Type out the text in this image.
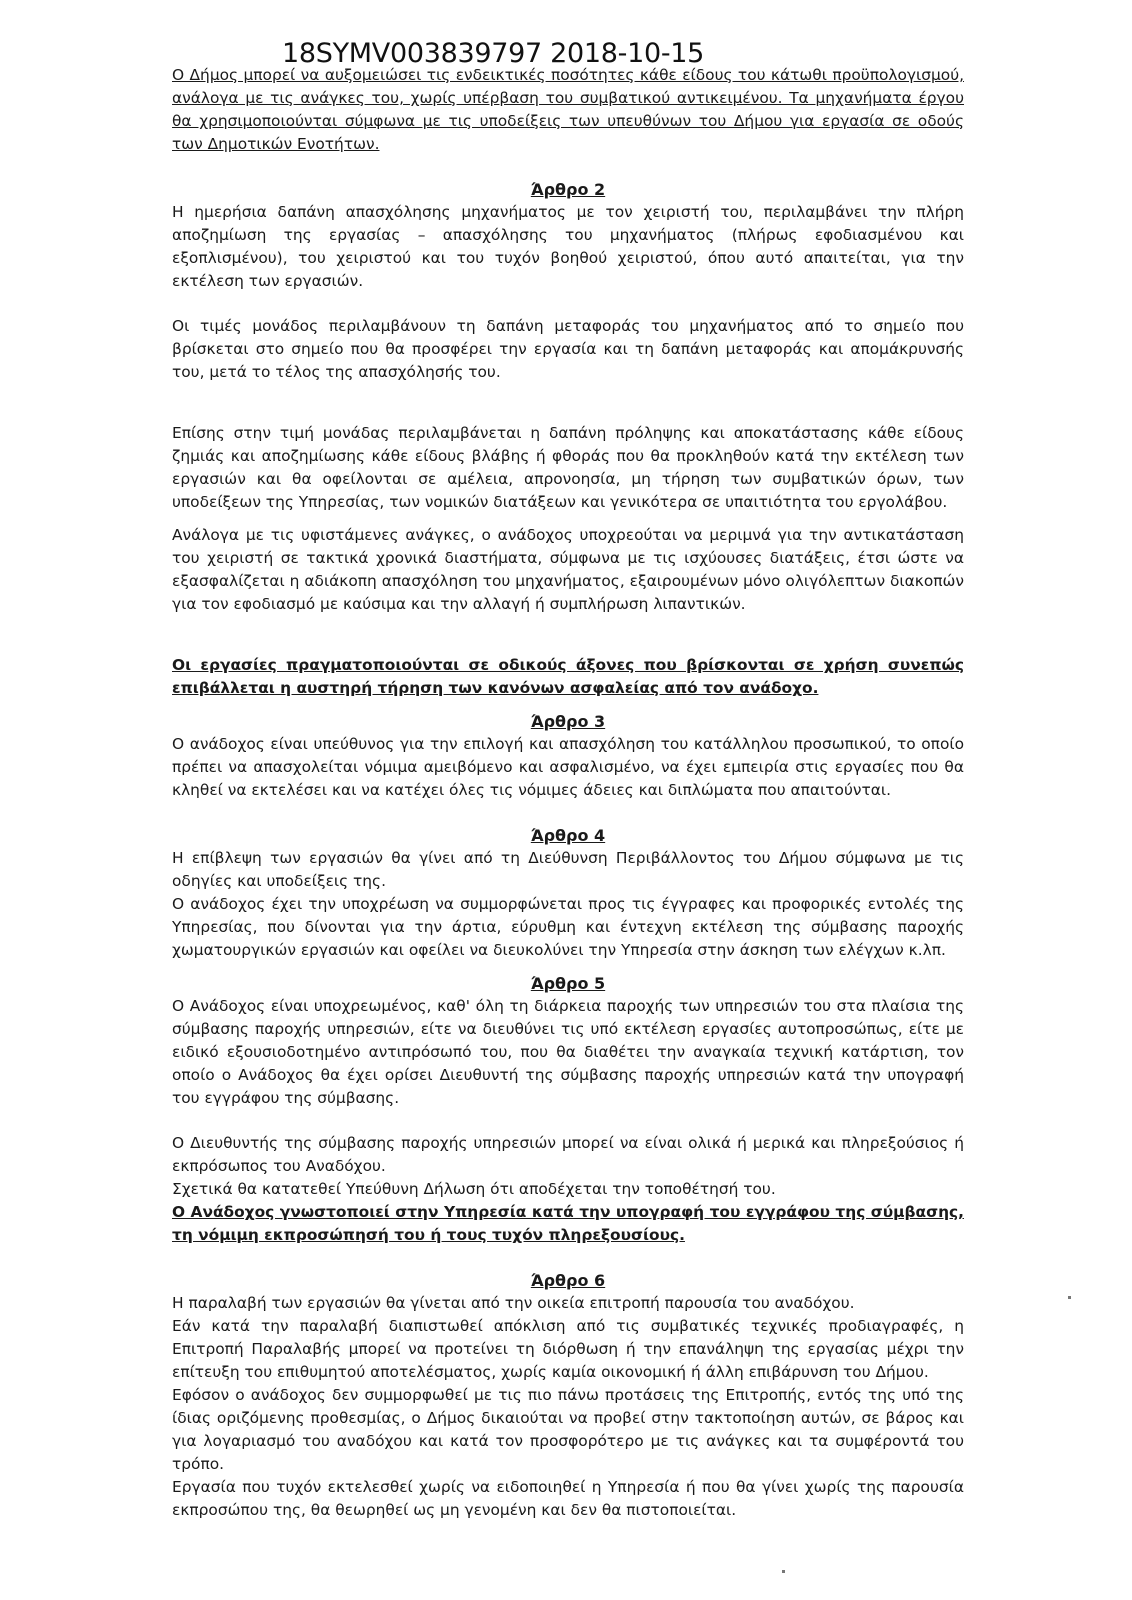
18SYMV003839797 2018-10-15

Ο Δήμος μπορεί να αυξομειώσει τις ενδεικτικές ποσότητες κάθε είδους του κάτωθι προϋπολογισμού, ανάλογα με τις ανάγκες του, χωρίς υπέρβαση του συμβατικού αντικειμένου. Τα μηχανήματα έργου θα χρησιμοποιούνται σύμφωνα με τις υποδείξεις των υπευθύνων του Δήμου για εργασία σε οδούς των Δημοτικών Ενοτήτων.

Άρθρο 2

Η ημερήσια δαπάνη απασχόλησης μηχανήματος με τον χειριστή του, περιλαμβάνει την πλήρη αποζημίωση της εργασίας – απασχόλησης του μηχανήματος (πλήρως εφοδιασμένου και εξοπλισμένου), του χειριστού και του τυχόν βοηθού χειριστού, όπου αυτό απαιτείται, για την εκτέλεση των εργασιών.

Οι τιμές μονάδος περιλαμβάνουν τη δαπάνη μεταφοράς του μηχανήματος από το σημείο που βρίσκεται στο σημείο που θα προσφέρει την εργασία και τη δαπάνη μεταφοράς και απομάκρυνσής του, μετά το τέλος της απασχόλησής του.

Επίσης στην τιμή μονάδας περιλαμβάνεται η δαπάνη πρόληψης και αποκατάστασης κάθε είδους ζημιάς και αποζημίωσης κάθε είδους βλάβης ή φθοράς που θα προκληθούν κατά την εκτέλεση των εργασιών και θα οφείλονται σε αμέλεια, απρονοησία, μη τήρηση των συμβατικών όρων, των υποδείξεων της Υπηρεσίας, των νομικών διατάξεων και γενικότερα σε υπαιτιότητα του εργολάβου.

Ανάλογα με τις υφιστάμενες ανάγκες, ο ανάδοχος υποχρεούται να μεριμνά για την αντικατάσταση του χειριστή σε τακτικά χρονικά διαστήματα, σύμφωνα με τις ισχύουσες διατάξεις, έτσι ώστε να εξασφαλίζεται η αδιάκοπη απασχόληση του μηχανήματος, εξαιρουμένων μόνο ολιγόλεπτων διακοπών για τον εφοδιασμό με καύσιμα και την αλλαγή ή συμπλήρωση λιπαντικών.

Οι εργασίες πραγματοποιούνται σε οδικούς άξονες που βρίσκονται σε χρήση συνεπώς επιβάλλεται η αυστηρή τήρηση των κανόνων ασφαλείας από τον ανάδοχο.

Άρθρο 3

Ο ανάδοχος είναι υπεύθυνος για την επιλογή και απασχόληση του κατάλληλου προσωπικού, το οποίο πρέπει να απασχολείται νόμιμα αμειβόμενο και ασφαλισμένο, να έχει εμπειρία στις εργασίες που θα κληθεί να εκτελέσει και να κατέχει όλες τις νόμιμες άδειες και διπλώματα που απαιτούνται.

Άρθρο 4

Η επίβλεψη των εργασιών θα γίνει από τη Διεύθυνση Περιβάλλοντος του Δήμου σύμφωνα με τις οδηγίες και υποδείξεις της.

Ο ανάδοχος έχει την υποχρέωση να συμμορφώνεται προς τις έγγραφες και προφορικές εντολές της Υπηρεσίας, που δίνονται για την άρτια, εύρυθμη και έντεχνη εκτέλεση της σύμβασης παροχής χωματουργικών εργασιών και οφείλει να διευκολύνει την Υπηρεσία στην άσκηση των ελέγχων κ.λπ.

Άρθρο 5

Ο Ανάδοχος είναι υποχρεωμένος, καθ' όλη τη διάρκεια παροχής των υπηρεσιών του στα πλαίσια της σύμβασης παροχής υπηρεσιών, είτε να διευθύνει τις υπό εκτέλεση εργασίες αυτοπροσώπως, είτε με ειδικό εξουσιοδοτημένο αντιπρόσωπό του, που θα διαθέτει την αναγκαία τεχνική κατάρτιση, τον οποίο ο Ανάδοχος θα έχει ορίσει Διευθυντή της σύμβασης παροχής υπηρεσιών κατά την υπογραφή του εγγράφου της σύμβασης.

Ο Διευθυντής της σύμβασης παροχής υπηρεσιών μπορεί να είναι ολικά ή μερικά και πληρεξούσιος ή εκπρόσωπος του Αναδόχου.

Σχετικά θα κατατεθεί Υπεύθυνη Δήλωση ότι αποδέχεται την τοποθέτησή του.

Ο Ανάδοχος γνωστοποιεί στην Υπηρεσία κατά την υπογραφή του εγγράφου της σύμβασης, τη νόμιμη εκπροσώπησή του ή τους τυχόν πληρεξουσίους.

Άρθρο 6

Η παραλαβή των εργασιών θα γίνεται από την οικεία επιτροπή παρουσία του αναδόχου.

Εάν κατά την παραλαβή διαπιστωθεί απόκλιση από τις συμβατικές τεχνικές προδιαγραφές, η Επιτροπή Παραλαβής μπορεί να προτείνει τη διόρθωση ή την επανάληψη της εργασίας μέχρι την επίτευξη του επιθυμητού αποτελέσματος, χωρίς καμία οικονομική ή άλλη επιβάρυνση του Δήμου.

Εφόσον ο ανάδοχος δεν συμμορφωθεί με τις πιο πάνω προτάσεις της Επιτροπής, εντός της υπό της ίδιας οριζόμενης προθεσμίας, ο Δήμος δικαιούται να προβεί στην τακτοποίηση αυτών, σε βάρος και για λογαριασμό του αναδόχου και κατά τον προσφορότερο με τις ανάγκες και τα συμφέροντά του τρόπο.

Εργασία που τυχόν εκτελεσθεί χωρίς να ειδοποιηθεί η Υπηρεσία ή που θα γίνει χωρίς της παρουσία εκπροσώπου της, θα θεωρηθεί ως μη γενομένη και δεν θα πιστοποιείται.
